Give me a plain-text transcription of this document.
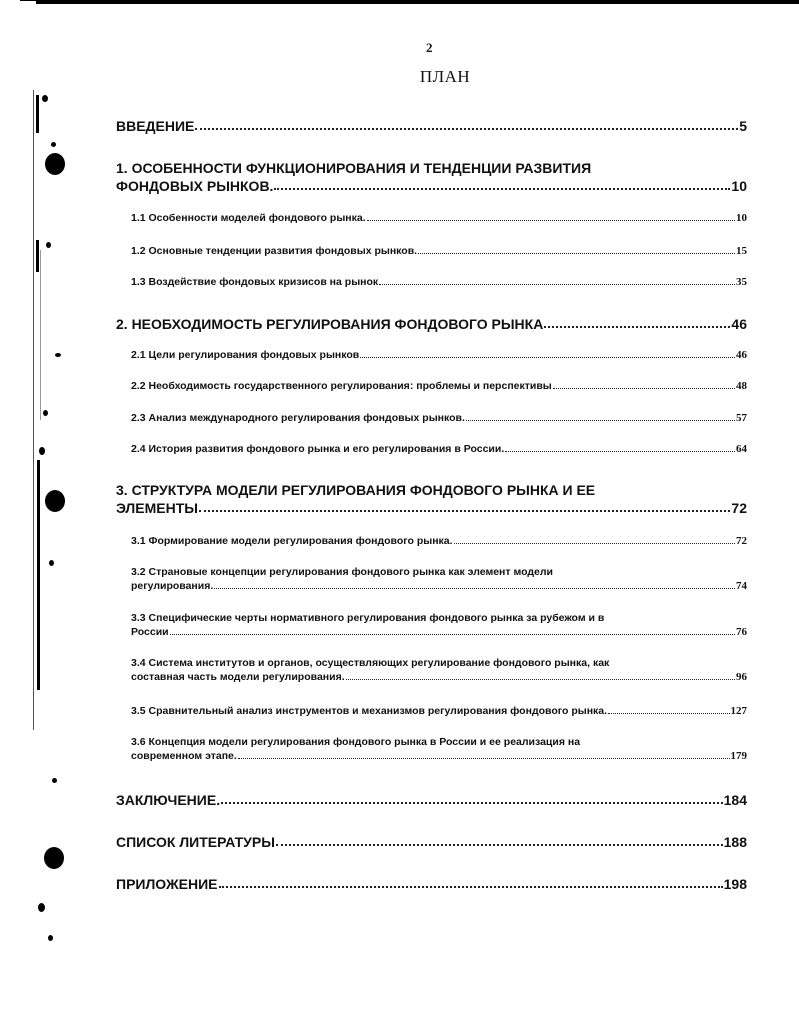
2
ПЛАН
ВВЕДЕНИЕ	5
1. ОСОБЕННОСТИ ФУНКЦИОНИРОВАНИЯ И ТЕНДЕНЦИИ РАЗВИТИЯ
ФОНДОВЫХ РЫНКОВ.	10
1.1 Особенности моделей фондового рынка.	10
1.2 Основные тенденции развития фондовых рынков.	15
1.3 Воздействие фондовых кризисов на рынок	35
2. НЕОБХОДИМОСТЬ РЕГУЛИРОВАНИЯ ФОНДОВОГО РЫНКА	46
2.1 Цели регулирования фондовых рынков	46
2.2 Необходимость государственного регулирования: проблемы и перспективы	48
2.3 Анализ международного регулирования фондовых рынков.	57
2.4 История развития фондового рынка и его регулирования в России.	64
3. СТРУКТУРА МОДЕЛИ РЕГУЛИРОВАНИЯ ФОНДОВОГО РЫНКА И ЕЕ
ЭЛЕМЕНТЫ	72
3.1 Формирование модели регулирования фондового рынка.	72
3.2 Страновые концепции регулирования фондового рынка как элемент модели
регулирования.	74
3.3 Специфические черты нормативного регулирования фондового рынка за рубежом и в
России	76
3.4 Система институтов и органов, осуществляющих регулирование фондового рынка, как
составная часть модели регулирования.	96
3.5 Сравнительный анализ инструментов и механизмов регулирования фондового рынка.	127
3.6 Концепция модели регулирования фондового рынка в России и ее реализация на
современном этапе.	179
ЗАКЛЮЧЕНИЕ.	184
СПИСОК ЛИТЕРАТУРЫ	188
ПРИЛОЖЕНИЕ	198
